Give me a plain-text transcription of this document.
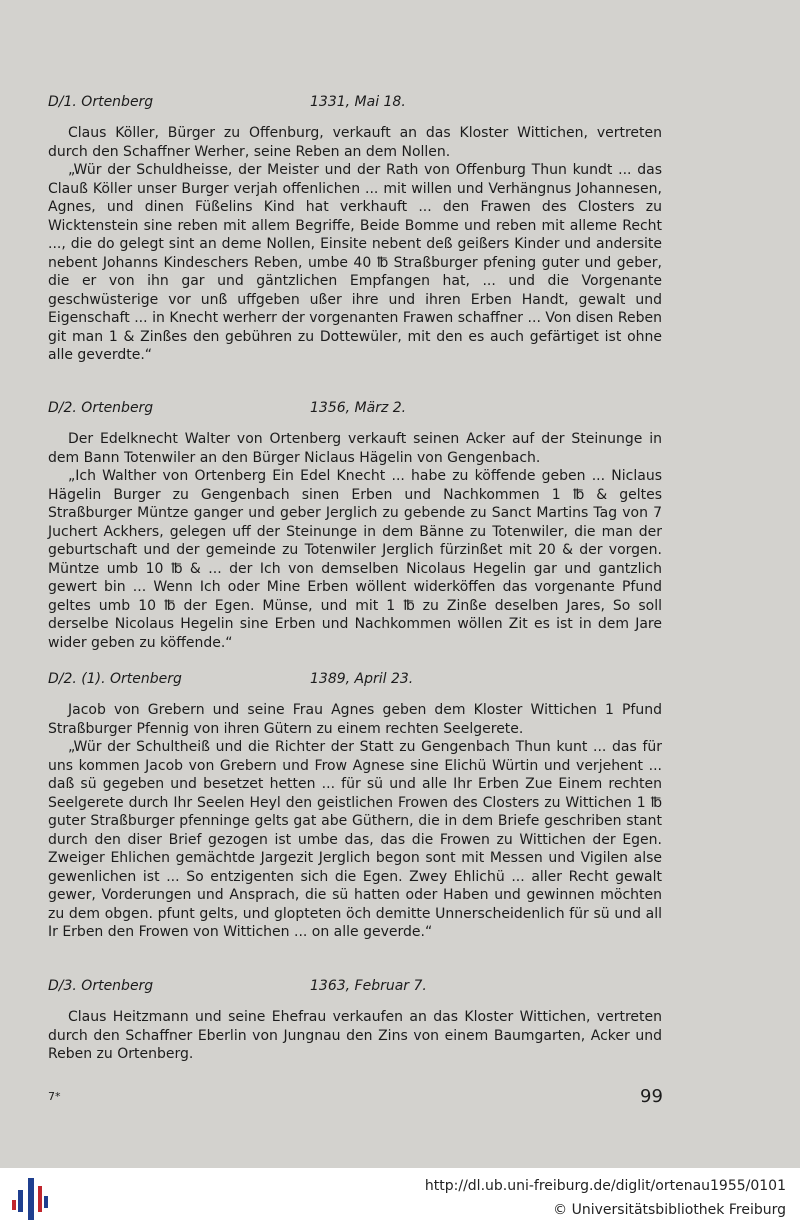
D/1. Ortenberg	1331, Mai 18.

Claus Köller, Bürger zu Offenburg, verkauft an das Kloster Wittichen, vertreten durch den Schaffner Werher, seine Reben an dem Nollen.

„Wür der Schuldheisse, der Meister und der Rath von Offenburg Thun kundt ... das Clauß Köller unser Burger verjah offenlichen ... mit willen und Verhängnus Johannesen, Agnes, und dinen Füßelins Kind hat verkhauft ... den Frawen des Closters zu Wicktenstein sine reben mit allem Begriffe, Beide Bomme und reben mit alleme Recht ..., die do gelegt sint an deme Nollen, Einsite nebent deß geißers Kinder und andersite nebent Johanns Kindeschers Reben, umbe 40 ℔ Straßburger pfening guter und geber, die er von ihn gar und gäntzlichen Empfangen hat, ... und die Vorgenante geschwüsterige vor unß uffgeben ußer ihre und ihren Erben Handt, gewalt und Eigenschaft ... in Knecht werherr der vorgenanten Frawen schaffner ... Von disen Reben git man 1 & Zinßes den gebühren zu Dottewüler, mit den es auch gefärtiget ist ohne alle geverdte.“

D/2. Ortenberg	1356, März 2.

Der Edelknecht Walter von Ortenberg verkauft seinen Acker auf der Steinunge in dem Bann Totenwiler an den Bürger Niclaus Hägelin von Gengenbach.

„Ich Walther von Ortenberg Ein Edel Knecht ... habe zu köffende geben ... Niclaus Hägelin Burger zu Gengenbach sinen Erben und Nachkommen 1 ℔ & geltes Straßburger Müntze ganger und geber Jerglich zu gebende zu Sanct Martins Tag von 7 Juchert Ackhers, gelegen uff der Steinunge in dem Bänne zu Totenwiler, die man der geburtschaft und der gemeinde zu Totenwiler Jerglich fürzinßet mit 20 & der vorgen. Müntze umb 10 ℔ & ... der Ich von demselben Nicolaus Hegelin gar und gantzlich gewert bin ... Wenn Ich oder Mine Erben wöllent widerköffen das vorgenante Pfund geltes umb 10 ℔ der Egen. Münse, und mit 1 ℔ zu Zinße deselben Jares, So soll derselbe Nicolaus Hegelin sine Erben und Nachkommen wöllen Zit es ist in dem Jare wider geben zu köffende.“

D/2. (1). Ortenberg	1389, April 23.

Jacob von Grebern und seine Frau Agnes geben dem Kloster Wittichen 1 Pfund Straßburger Pfennig von ihren Gütern zu einem rechten Seelgerete.

„Wür der Schultheiß und die Richter der Statt zu Gengenbach Thun kunt ... das für uns kommen Jacob von Grebern und Frow Agnese sine Elichü Würtin und verjehent ... daß sü gegeben und besetzet hetten ... für sü und alle Ihr Erben Zue Einem rechten Seelgerete durch Ihr Seelen Heyl den geistlichen Frowen des Closters zu Wittichen 1 ℔ guter Straßburger pfenninge gelts gat abe Güthern, die in dem Briefe geschriben stant durch den diser Brief gezogen ist umbe das, das die Frowen zu Wittichen der Egen. Zweiger Ehlichen gemächtde Jargezit Jerglich begon sont mit Messen und Vigilen alse gewenlichen ist ... So entzigenten sich die Egen. Zwey Ehlichü ... aller Recht gewalt gewer, Vorderungen und Ansprach, die sü hatten oder Haben und gewinnen möchten zu dem obgen. pfunt gelts, und glopteten öch demitte Unnerscheidenlich für sü und all Ir Erben den Frowen von Wittichen ... on alle geverde.“

D/3. Ortenberg	1363, Februar 7.

Claus Heitzmann und seine Ehefrau verkaufen an das Kloster Wittichen, vertreten durch den Schaffner Eberlin von Jungnau den Zins von einem Baumgarten, Acker und Reben zu Ortenberg.

7*	99
http://dl.ub.uni-freiburg.de/diglit/ortenau1955/0101
© Universitätsbibliothek Freiburg
